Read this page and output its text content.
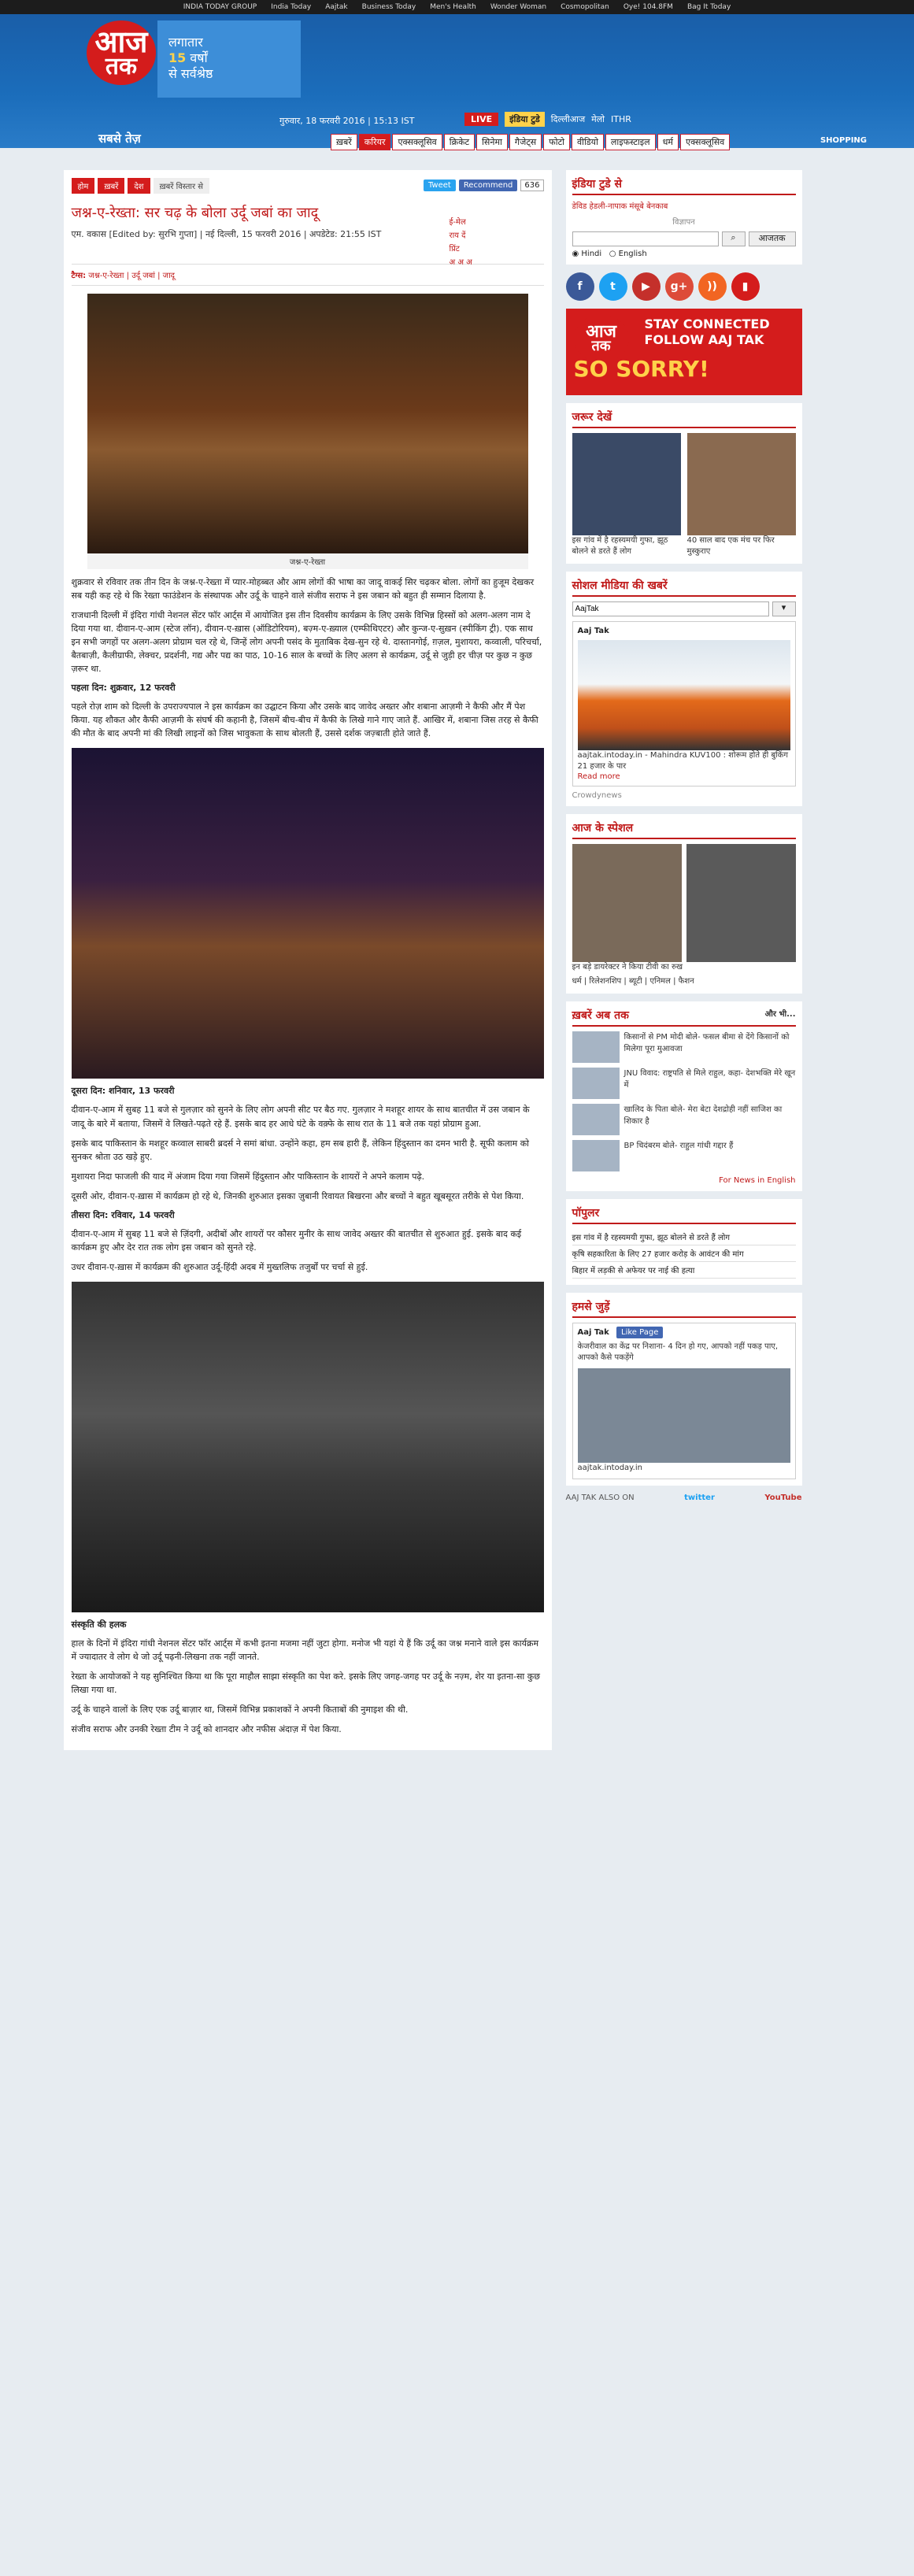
INDIA TODAY GROUP India Today Aajtak Business Today Men's Health Wonder Woman Cosmopolitan Oye! 104.8FM Bag It Today
आज
तक
लगातार
15 वर्षों
से सर्वश्रेष्ठ
सबसे तेज़
गुरुवार, 18 फरवरी 2016 | 15:13 IST	LIVE	इंडिया टुडे	दिल्लीआज मेलो ITHR
ख़बरें	करियर	एक्सक्लूसिव	क्रिकेट	सिनेमा	गैजेट्स	फोटो	वीडियो	लाइफस्टाइल	धर्म	एक्सक्लूसिव	SHOPPING
होम	ख़बरें	देश	ख़बरें विस्तार से
जश्न-ए-रेख्ता: सर चढ़ के बोला उर्दू जबां का जादू
Tweet	Recommend	636
एम. वकास [Edited by: सुरभि गुप्ता] | नई दिल्ली, 15 फरवरी 2016 | अपडेटेड: 21:55 IST
ई-मेल
राय दें
प्रिंट
अ अ अ
टैग्स: जश्न-ए-रेख्ता | उर्दू जबां | जादू
जश्न-ए-रेख्ता

शुक्रवार से रविवार तक तीन दिन के जश्न-ए-रेख्ता में प्यार-मोहब्बत और आम लोगों की भाषा का जादू वाकई सिर चढ़कर बोला. लोगों का हुजूम देखकर सब यही कह रहे थे कि रेख्ता फाउंडेशन के संस्थापक और उर्दू के चाहने वाले संजीव सराफ ने इस जबान को बहुत ही सम्मान दिलाया है.

राजधानी दिल्ली में इंदिरा गांधी नेशनल सेंटर फॉर आर्ट्स में आयोजित इस तीन दिवसीय कार्यक्रम के लिए उसके विभिन्न हिस्सों को अलग-अलग नाम दे दिया गया था. दीवान-ए-आम (स्टेज लॉन), दीवान-ए-ख़ास (ऑडिटोरियम), बज़्म-ए-ख़्याल (एम्फीथिएटर) और कुन्ज-ए-सुख़न (स्पीकिंग ट्री). एक साथ इन सभी जगहों पर अलग-अलग प्रोग्राम चल रहे थे, जिन्हें लोग अपनी पसंद के मुताबिक देख-सुन रहे थे. दास्तानगोई, ग़ज़ल, मुशायरा, कव्वाली, परिचर्चा, बैतबाज़ी, कैलीग्राफी, लेक्चर, प्रदर्शनी, गद्य और पद्य का पाठ, 10-16 साल के बच्चों के लिए अलग से कार्यक्रम, उर्दू से जुड़ी हर चीज़ पर कुछ न कुछ ज़रूर था.

पहला दिन: शुक्रवार, 12 फरवरी

पहले रोज़ शाम को दिल्ली के उपराज्यपाल ने इस कार्यक्रम का उद्घाटन किया और उसके बाद जावेद अख्तर और शबाना आज़मी ने कैफी और मैं पेश किया. यह शौकत और कैफी आज़मी के संघर्ष की कहानी है, जिसमें बीच-बीच में कैफी के लिखे गाने गाए जाते हैं. आखिर में, शबाना जिस तरह से कैफी की मौत के बाद अपनी मां की लिखी लाइनों को जिस भावुकता के साथ बोलती हैं, उससे दर्शक जज़्बाती होते जाते हैं.

दूसरा दिन: शनिवार, 13 फरवरी

दीवान-ए-आम में सुबह 11 बजे से गुलज़ार को सुनने के लिए लोग अपनी सीट पर बैठ गए. गुलज़ार ने मशहूर शायर के साथ बातचीत में उस जबान के जादू के बारे में बताया, जिसमें वे लिखते-पढ़ते रहे हैं. इसके बाद हर आधे घंटे के वक़्फे के साथ रात के 11 बजे तक यहां प्रोग्राम हुआ.

इसके बाद पाकिस्तान के मशहूर कव्वाल साबरी ब्रदर्स ने समां बांधा. उन्होंने कहा, हम सब हारी हैं, लेकिन हिंदुस्तान का दमन भारी है. सूफी कलाम को सुनकर श्रोता उठ खड़े हुए.

मुशायरा निदा फाजली की याद में अंजाम दिया गया जिसमें हिंदुस्तान और पाकिस्तान के शायरों ने अपने कलाम पढ़े.

दूसरी ओर, दीवान-ए-ख़ास में कार्यक्रम हो रहे थे, जिनकी शुरुआत इसका ज़ुबानी रिवायत बिखरना और बच्चों ने बहुत खूबसूरत तरीके से पेश किया.

तीसरा दिन: रविवार, 14 फरवरी

दीवान-ए-आम में सुबह 11 बजे से ज़िंदगी, अदीबों और शायरों पर कौसर मुनीर के साथ जावेद अख्तर की बातचीत से शुरुआत हुई. इसके बाद कई कार्यक्रम हुए और देर रात तक लोग इस जबान को सुनते रहे.

उधर दीवान-ए-ख़ास में कार्यक्रम की शुरुआत उर्दू-हिंदी अदब में मुख्तलिफ तजुर्बों पर चर्चा से हुई.

संस्कृति की हलक

हाल के दिनों में इंदिरा गांधी नेशनल सेंटर फॉर आर्ट्स में कभी इतना मजमा नहीं जुटा होगा. मनोज भी यहां ये हैं कि उर्दू का जश्न मनाने वाले इस कार्यक्रम में ज्यादातर वे लोग थे जो उर्दू पढ़नी-लिखना तक नहीं जानते.

रेख्ता के आयोजकों ने यह सुनिश्चित किया था कि पूरा माहौल साझा संस्कृति का पेश करे. इसके लिए जगह-जगह पर उर्दू के नज़्म, शेर या इतना-सा कुछ लिखा गया था.

उर्दू के चाहने वालों के लिए एक उर्दू बाज़ार था, जिसमें विभिन्न प्रकाशकों ने अपनी किताबों की नुमाइश की थी.

संजीव सराफ और उनकी रेख्ता टीम ने उर्दू को शानदार और नफीस अंदाज़ में पेश किया.

इंडिया टुडे से
डेविड हेडली-नापाक मंसूबे बेनकाब
विज्ञापन
⌕	आजतक
◉ Hindi ○ English
f	t	▶	g+	))	▮
आज
तक
STAY CONNECTED
FOLLOW AAJ TAK
SO SORRY!
जरूर देखें
इस गांव में है रहस्यमयी गुफा, झूठ बोलने से डरते हैं लोग
40 साल बाद एक मंच पर फिर मुस्कुराए
सोशल मीडिया की खबरें
AajTak
▾
Aaj Tak
aajtak.intoday.in - Mahindra KUV100 : शोरूम होते ही बुकिंग 21 हजार के पार
Read more
Crowdynews
आज के स्पेशल
इन बड़े डायरेक्टर ने किया टीवी का रुख
धर्म | रिलेशनशिप | ब्यूटी | एनिमल | फैशन
ख़बरें अब तक	और भी...
किसानों से PM मोदी बोले- फसल बीमा से देंगे किसानों को मिलेगा पूरा मुआवजा
JNU विवाद: राष्ट्रपति से मिले राहुल, कहा- देशभक्ति मेरे खून में
खालिद के पिता बोले- मेरा बेटा देशद्रोही नहीं साजिश का शिकार है
BP चिदंबरम बोले- राहुल गांधी गद्दार हैं
For News in English
पॉपुलर
इस गांव में है रहस्यमयी गुफा, झूठ बोलने से डरते हैं लोग
कृषि सहकारिता के लिए 27 हजार करोड़ के आवंटन की मांग
बिहार में लड़की से अफेयर पर नाई की हत्या
हमसे जुड़ें
Aaj Tak Like Page
केजरीवाल का केंद्र पर निशाना- 4 दिन हो गए, आपको नहीं पकड़ पाए, आपको कैसे पकड़ेंगे
aajtak.intoday.in
AAJ TAK ALSO ON	twitter	YouTube
